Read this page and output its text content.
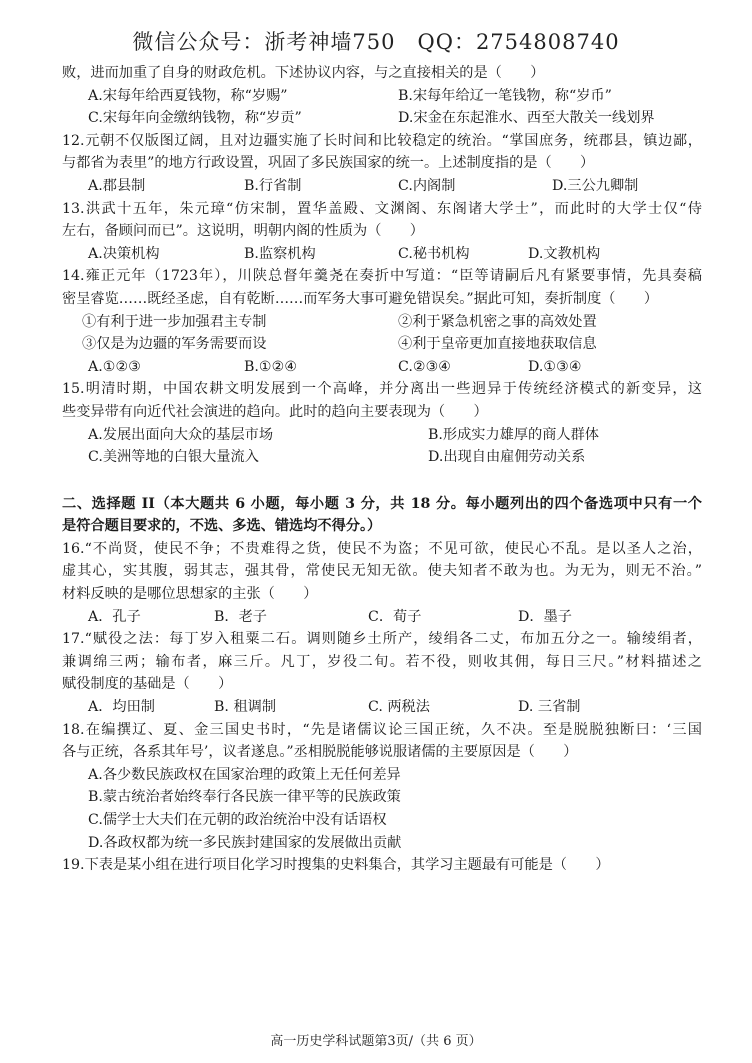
微信公众号：浙考神墙750 QQ：2754808740
败，进而加重了自身的财政危机。下述协议内容，与之直接相关的是（　　）
A.宋每年给西夏钱物，称“岁赐”	B.宋每年给辽一笔钱物，称“岁币”
C.宋每年向金缴纳钱物，称“岁贡”	D.宋金在东起淮水、西至大散关一线划界
12.元朝不仅版图辽阔，且对边疆实施了长时间和比较稳定的统治。“掌国庶务，统郡县，镇边鄙，
与都省为表里”的地方行政设置，巩固了多民族国家的统一。上述制度指的是（　　）
A.郡县制	B.行省制	C.内阁制	D.三公九卿制
13.洪武十五年，朱元璋“仿宋制，置华盖殿、文渊阁、东阁诸大学士”，而此时的大学士仅“侍
左右，备顾问而已”。这说明，明朝内阁的性质为（　　）
A.决策机构	B.监察机构	C.秘书机构	D.文教机构
14.雍正元年（1723年），川陕总督年羹尧在奏折中写道：“臣等请嗣后凡有紧要事情，先具奏稿
密呈睿览……既经圣虑，自有乾断……而军务大事可避免错误矣。”据此可知，奏折制度（　　）
①有利于进一步加强君主专制	②利于紧急机密之事的高效处置
③仅是为边疆的军务需要而设	④利于皇帝更加直接地获取信息
A.①②③	B.①②④	C.②③④	D.①③④
15.明清时期，中国农耕文明发展到一个高峰，并分离出一些迥异于传统经济模式的新变异，这
些变异带有向近代社会演进的趋向。此时的趋向主要表现为（　　）
A.发展出面向大众的基层市场	B.形成实力雄厚的商人群体
C.美洲等地的白银大量流入	D.出现自由雇佣劳动关系
二、选择题 II（本大题共 6 小题，每小题 3 分，共 18 分。每小题列出的四个备选项中只有一个
是符合题目要求的，不选、多选、错选均不得分。）
16.“不尚贤，使民不争；不贵难得之货，使民不为盗；不见可欲，使民心不乱。是以圣人之治，
虚其心，实其腹，弱其志，强其骨，常使民无知无欲。使夫知者不敢为也。为无为，则无不治。”
材料反映的是哪位思想家的主张（　　）
A．孔子	B．老子	C．荀子	D．墨子
17.“赋役之法：每丁岁入租粟二石。调则随乡土所产，绫绢各二丈，布加五分之一。输绫绢者，
兼调绵三两；输布者，麻三斤。凡丁，岁役二旬。若不役，则收其佣，每日三尺。”材料描述之
赋役制度的基础是（　　）
A．均田制	B. 租调制	C. 两税法	D. 三省制
18.在编撰辽、夏、金三国史书时，“先是诸儒议论三国正统，久不决。至是脱脱独断曰：‘三国
各与正统，各系其年号’，议者遂息。”丞相脱脱能够说服诸儒的主要原因是（　　）
A.各少数民族政权在国家治理的政策上无任何差异
B.蒙古统治者始终奉行各民族一律平等的民族政策
C.儒学士大夫们在元朝的政治统治中没有话语权
D.各政权都为统一多民族封建国家的发展做出贡献
19.下表是某小组在进行项目化学习时搜集的史料集合，其学习主题最有可能是（　　）
高一历史学科试题第3页/（共 6 页）
